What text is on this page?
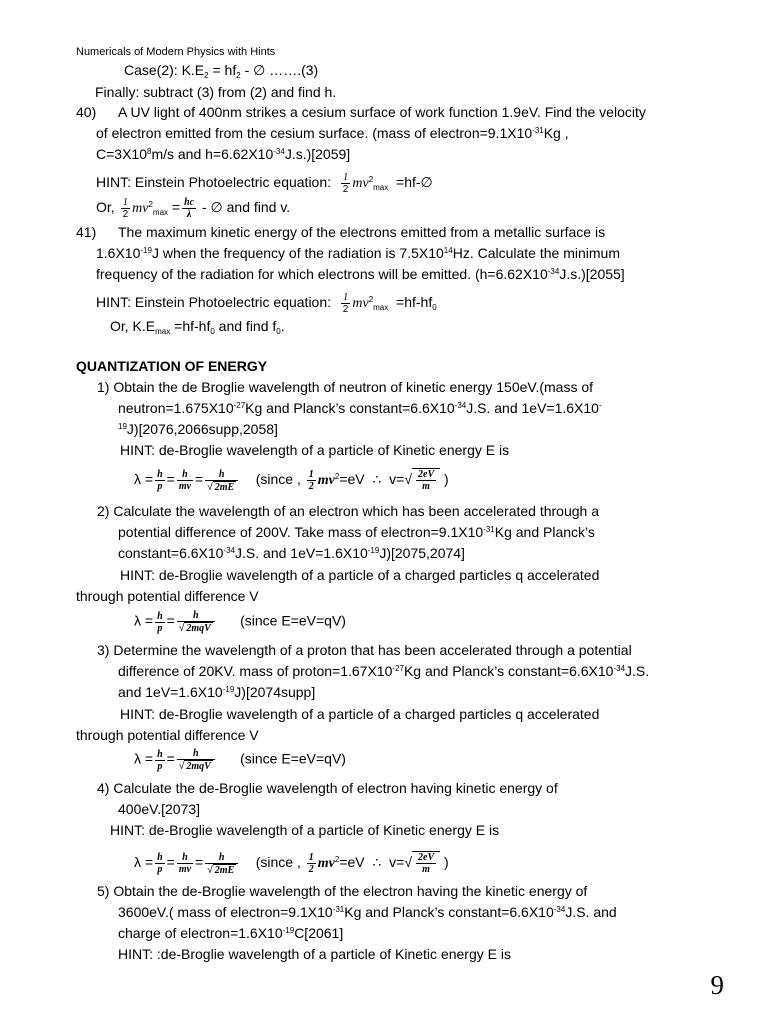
Numericals of Modern Physics with Hints
Case(2): $K.E_2 = hf_2$ - ∅ …….(3)
Finally: subtract (3) from (2) and find h.
40) A UV light of 400nm strikes a cesium surface of work function 1.9eV. Find the velocity
of electron emitted from the cesium surface. (mass of $electron=9.1X10^{-31}Kg$ ,
$C=3X10^8m/s$ and $h=6.62X10^{-34}J.s.)[2059]$
HINT: Einstein Photoelectric equation: $\frac{1}{2} mv^2_{max}$ =hf-∅
Or, $\frac{1}{2} mv^2_{max} = \frac{hc}{\lambda}$ - ∅ and find v.
41) The maximum kinetic energy of the electrons emitted from a metallic surface is
$1.6X10^{-19}J$ when the frequency of the radiation is $7.5X10^{14}Hz$. Calculate the minimum
frequency of the radiation for which electrons will be emitted. $(h=6.62X10^{-34}J.s.)[2055]$
HINT: Einstein Photoelectric equation: $\frac{1}{2} mv^2_{max} =hf-hf_0$
Or, $K.E_{max} =hf-hf_0$ and find $f_0$.
QUANTIZATION OF ENERGY
1) Obtain the de Broglie wavelength of neutron of kinetic energy 150eV.(mass of
$neutron=1.675X10^{-27}Kg$ and Planck’s $constant=6.6X10^{-34}J.S$. and 1eV=1.6X10-
$^{19}$J)[2076,2066supp,2058]
HINT: de-Broglie wavelength of a particle of Kinetic energy E is
$\lambda = \frac{h}{p} = \frac{h}{mv} = \frac{h}{√ 2mE}$ (since , $\frac{1}{2} mv^2=eV$ ∴ $v=√ \frac{2eV}{m}$ )
2) Calculate the wavelength of an electron which has been accelerated through a
potential difference of 200V. Take mass of $electron=9.1X10^{-31}Kg$ and Planck’s
$constant=6.6X10^{-34}J.S$. and $1eV=1.6X10^{-19}J)[2075,2074]$
HINT: de-Broglie wavelength of a particle of a charged particles q accelerated
through potential difference V
$\lambda = \frac{h}{p} = \frac{h}{\text{√ 2mqV}}$ (since E=eV=qV)
3) Determine the wavelength of a proton that has been accelerated through a potential
difference of 20KV. mass of $proton=1.67X10^{-27}Kg$ and Planck’s $constant=6.6X10^{-34}J.S$.
and $1eV=1.6X10^{-19}J)[2074supp]$
HINT: de-Broglie wavelength of a particle of a charged particles q accelerated
through potential difference V
$\lambda = \frac{h}{p} = \frac{h}{\text{√ 2mqV}}$ (since E=eV=qV)
4) Calculate the de-Broglie wavelength of electron having kinetic energy of
400eV.[2073]
HINT: de-Broglie wavelength of a particle of Kinetic energy E is
$\lambda = \frac{h}{p} = \frac{h}{mv} = \frac{h}{√ 2mE}$ (since , $\frac{1}{2} mv^2=eV$ ∴ $v=√ \frac{2eV}{m}$ )
5) Obtain the de-Broglie wavelength of the electron having the kinetic energy of
3600eV.( mass of $electron=9.1X10^{-31}Kg$ and Planck’s $constant=6.6X10^{-34}J.S$. and
charge of $electron=1.6X10^{-19}C[2061]$
HINT: :de-Broglie wavelength of a particle of Kinetic energy E is
9
